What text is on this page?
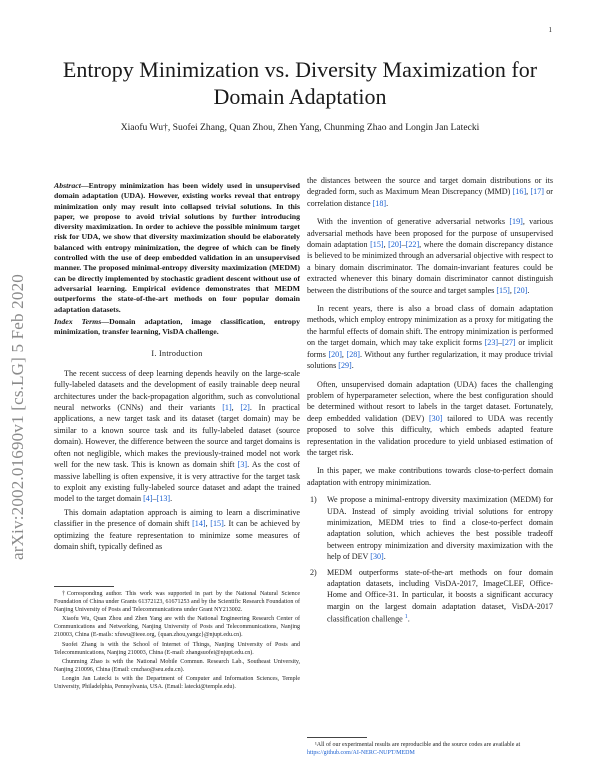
1
arXiv:2002.01690v1 [cs.LG] 5 Feb 2020
Entropy Minimization vs. Diversity Maximization for Domain Adaptation
Xiaofu Wu†, Suofei Zhang, Quan Zhou, Zhen Yang, Chunming Zhao and Longin Jan Latecki

Abstract—Entropy minimization has been widely used in unsupervised domain adaptation (UDA). However, existing works reveal that entropy minimization only may result into collapsed trivial solutions. In this paper, we propose to avoid trivial solutions by further introducing diversity maximization. In order to achieve the possible minimum target risk for UDA, we show that diversity maximization should be elaborately balanced with entropy minimization, the degree of which can be finely controlled with the use of deep embedded validation in an unsupervised manner. The proposed minimal-entropy diversity maximization (MEDM) can be directly implemented by stochastic gradient descent without use of adversarial learning. Empirical evidence demonstrates that MEDM outperforms the state-of-the-art methods on four popular domain adaptation datasets.

Index Terms—Domain adaptation, image classification, entropy minimization, transfer learning, VisDA challenge.

I. Introduction

The recent success of deep learning depends heavily on the large-scale fully-labeled datasets and the development of easily trainable deep neural architectures under the back-propagation algorithm, such as convolutional neural networks (CNNs) and their variants [1], [2]. In practical applications, a new target task and its dataset (target domain) may be similar to a known source task and its fully-labeled dataset (source domain). However, the difference between the source and target domains is often not negligible, which makes the previously-trained model not work well for the new task. This is known as domain shift [3]. As the cost of massive labelling is often expensive, it is very attractive for the target task to exploit any existing fully-labeled source dataset and adapt the trained model to the target domain [4]–[13].

This domain adaptation approach is aiming to learn a discriminative classifier in the presence of domain shift [14], [15]. It can be achieved by optimizing the feature representation to minimize some measures of domain shift, typically defined as

†Corresponding author. This work was supported in part by the National Natural Science Foundation of China under Grants 61372123, 61671253 and by the Scientific Research Foundation of Nanjing University of Posts and Telecommunications under Grant NY213002.

Xiaofu Wu, Quan Zhou and Zhen Yang are with the National Engineering Research Center of Communications and Networking, Nanjing University of Posts and Telecommunications, Nanjing 210003, China (E-mails: xfuwu@ieee.org, {quan.zhou,yangz}@njupt.edu.cn).

Suofei Zhang is with the School of Internet of Things, Nanjing University of Posts and Telecommunications, Nanjing 210003, China (E-mail: zhangsuofei@njupt.edu.cn).

Chunming Zhao is with the National Mobile Commun. Research Lab., Southeast University, Nanjing 210096, China (Email: cmzhao@seu.edu.cn).

Longin Jan Latecki is with the Department of Computer and Information Sciences, Temple University, Philadelphia, Pennsylvania, USA. (Email: latecki@temple.edu).

the distances between the source and target domain distributions or its degraded form, such as Maximum Mean Discrepancy (MMD) [16], [17] or correlation distance [18].

With the invention of generative adversarial networks [19], various adversarial methods have been proposed for the purpose of unsupervised domain adaptation [15], [20]–[22], where the domain discrepancy distance is believed to be minimized through an adversarial objective with respect to a binary domain discriminator. The domain-invariant features could be extracted whenever this binary domain discriminator cannot distinguish between the distributions of the source and target samples [15], [20].

In recent years, there is also a broad class of domain adaptation methods, which employ entropy minimization as a proxy for mitigating the the harmful effects of domain shift. The entropy minimization is performed on the target domain, which may take explicit forms [23]–[27] or implicit forms [20], [28]. Without any further regularization, it may produce trivial solutions [29].

Often, unsupervised domain adaptation (UDA) faces the challenging problem of hyperparameter selection, where the best configuration should be determined without resort to labels in the target dataset. Fortunately, deep embedded validation (DEV) [30] tailored to UDA was recently proposed to solve this difficulty, which embeds adapted feature representation in the validation procedure to yield unbiased estimation of the target risk.

In this paper, we make contributions towards close-to-perfect domain adaptation with entropy minimization.

1) We propose a minimal-entropy diversity maximization (MEDM) for UDA. Instead of simply avoiding trivial solutions for entropy minimization, MEDM tries to find a close-to-perfect domain adaptation solution, which achieves the best possible tradeoff between entropy minimization and diversity maximization with the help of DEV [30].
2) MEDM outperforms state-of-the-art methods on four domain adaptation datasets, including VisDA-2017, ImageCLEF, Office-Home and Office-31. In particular, it boosts a significant accuracy margin on the largest domain adaptation dataset, VisDA-2017 classification challenge $^1$.
¹All of our experimental results are reproducible and the source codes are available at https://github.com/AI-NERC-NUPT/MEDM
